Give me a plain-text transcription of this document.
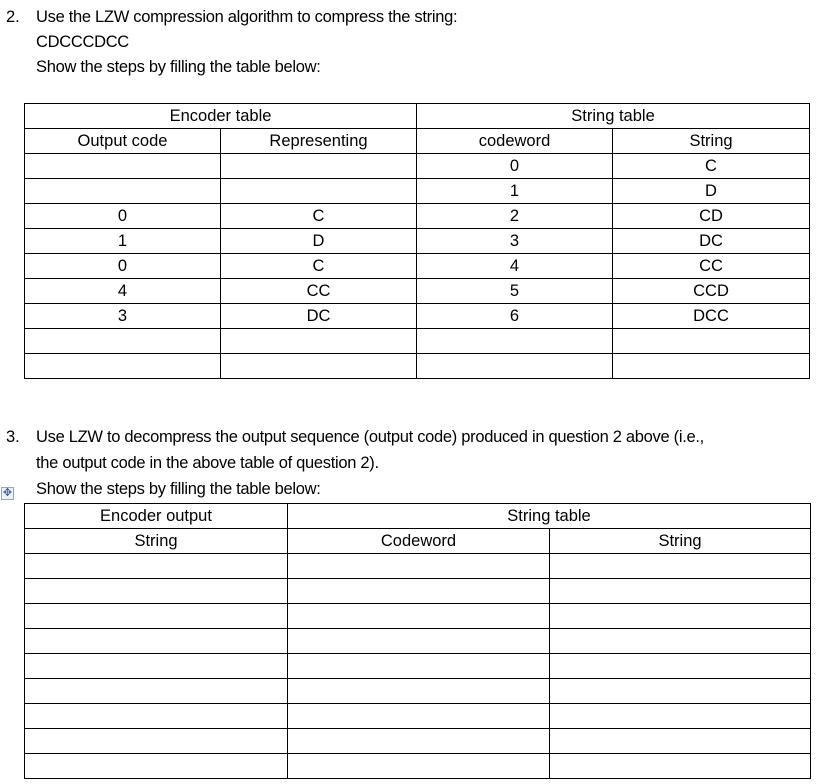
2. Use the LZW compression algorithm to compress the string:
CDCCCDCC
Show the steps by filling the table below:
Encoder table		String table	
Output code	Representing	codeword	String
		0	C
		1	D
0	C	2	CD
1	D	3	DC
0	C	4	CC
4	CC	5	CCD
3	DC	6	DCC

3. Use LZW to decompress the output sequence (output code) produced in question 2 above (i.e.,
the output code in the above table of question 2).
Show the steps by filling the table below:
✥
Encoder output	String table	
String	Codeword	String
